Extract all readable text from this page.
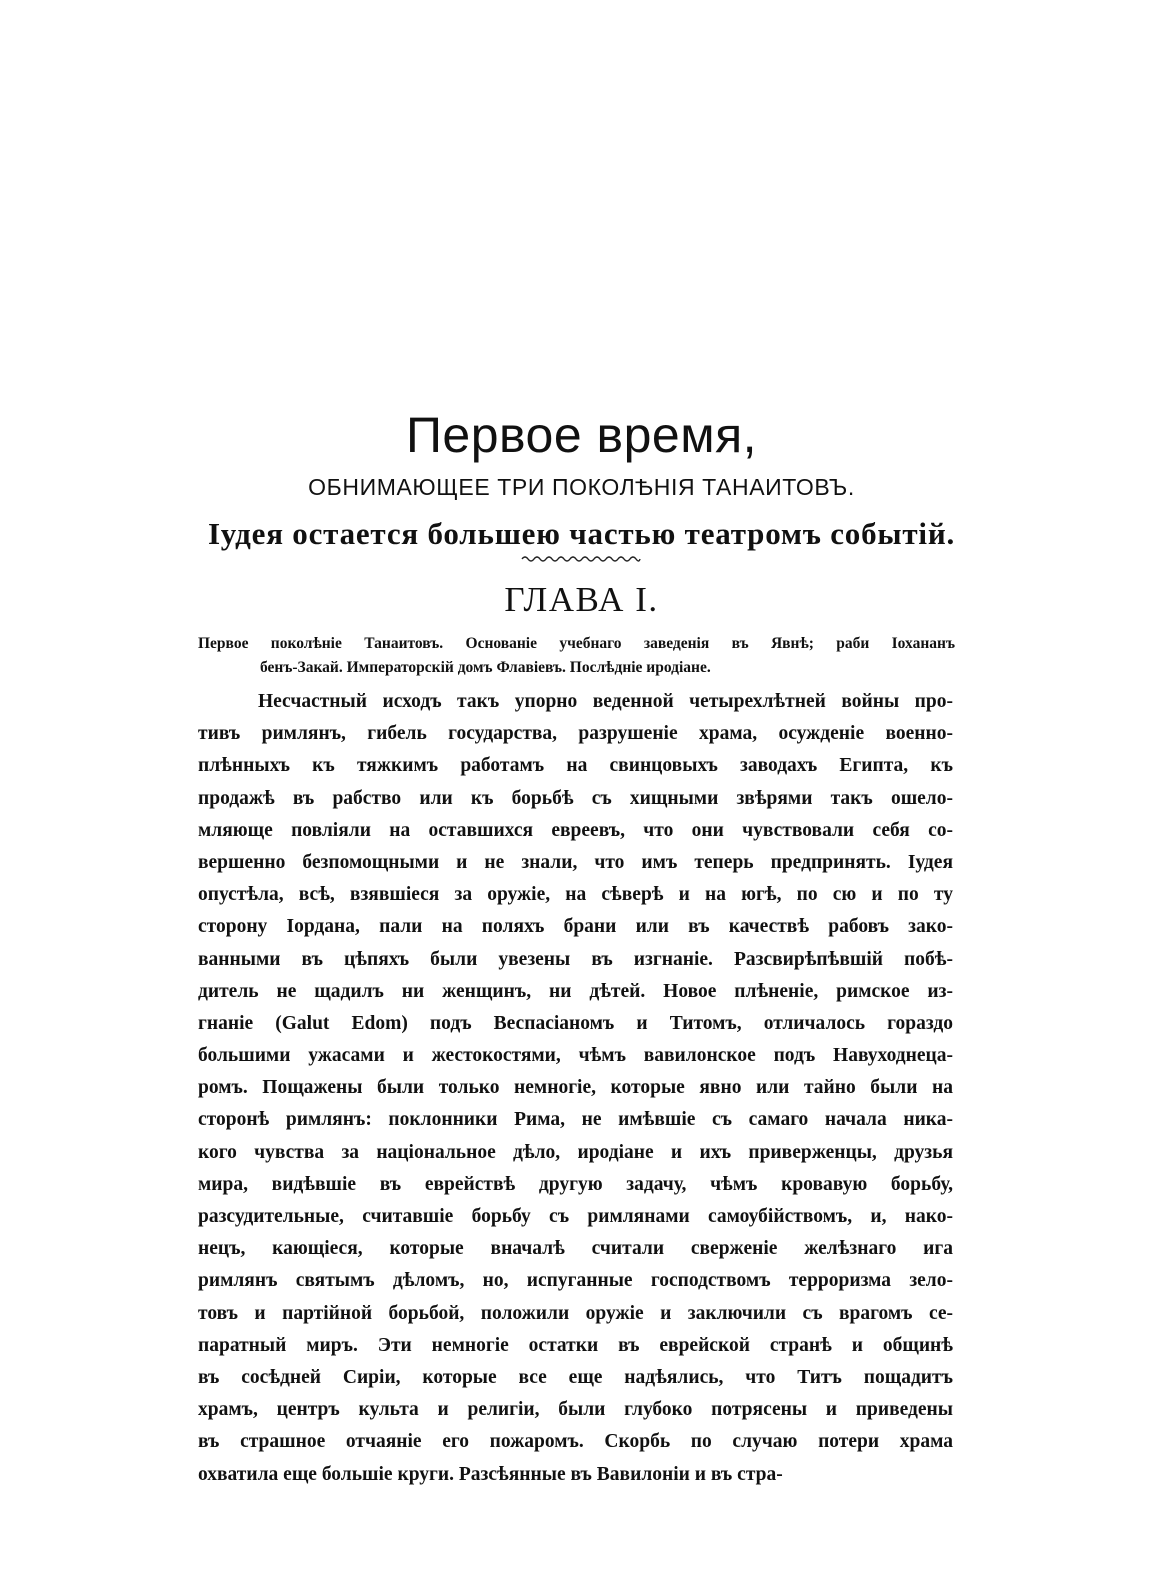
Первое время,
ОБНИМАЮЩЕЕ ТРИ ПОКОЛѢНІЯ ТАНАИТОВЪ.
Іудея остается большею частью театромъ событій.
ГЛАВА I.
Первое поколѣніе Танаитовъ. Основаніе учебнаго заведенія въ Явнѣ; раби Іохананъ
бенъ-Закай. Императорскій домъ Флавіевъ. Послѣдніе иродіане.
Несчастный исходъ такъ упорно веденной четырехлѣтней войны про-
тивъ римлянъ, гибель государства, разрушеніе храма, осужденіе военно-
плѣнныхъ къ тяжкимъ работамъ на свинцовыхъ заводахъ Египта, къ
продажѣ въ рабство или къ борьбѣ съ хищными звѣрями такъ ошело-
мляюще повліяли на оставшихся евреевъ, что они чувствовали себя со-
вершенно безпомощными и не знали, что имъ теперь предпринять. Іудея
опустѣла, всѣ, взявшіеся за оружіе, на сѣверѣ и на югѣ, по сю и по ту
сторону Іордана, пали на поляхъ брани или въ качествѣ рабовъ зако-
ванными въ цѣпяхъ были увезены въ изгнаніе. Разсвирѣпѣвшій побѣ-
дитель не щадилъ ни женщинъ, ни дѣтей. Новое плѣненіе, римское из-
гнаніе (Galut Edom) подъ Веспасіаномъ и Титомъ, отличалось гораздо
большими ужасами и жестокостями, чѣмъ вавилонское подъ Навуходнеца-
ромъ. Пощажены были только немногіе, которые явно или тайно были на
сторонѣ римлянъ: поклонники Рима, не имѣвшіе съ самаго начала ника-
кого чувства за національное дѣло, иродіане и ихъ приверженцы, друзья
мира, видѣвшіе въ еврействѣ другую задачу, чѣмъ кровавую борьбу,
разсудительные, считавшіе борьбу съ римлянами самоубійствомъ, и, нако-
нецъ, кающіеся, которые вначалѣ считали сверженіе желѣзнаго ига
римлянъ святымъ дѣломъ, но, испуганные господствомъ терроризма зело-
товъ и партійной борьбой, положили оружіе и заключили съ врагомъ се-
паратный миръ. Эти немногіе остатки въ еврейской странѣ и общинѣ
въ сосѣдней Сиріи, которые все еще надѣялись, что Титъ пощадитъ
храмъ, центръ культа и религіи, были глубоко потрясены и приведены
въ страшное отчаяніе его пожаромъ. Скорбь по случаю потери храма
охватила еще большіе круги. Разсѣянные въ Вавилоніи и въ стра-
